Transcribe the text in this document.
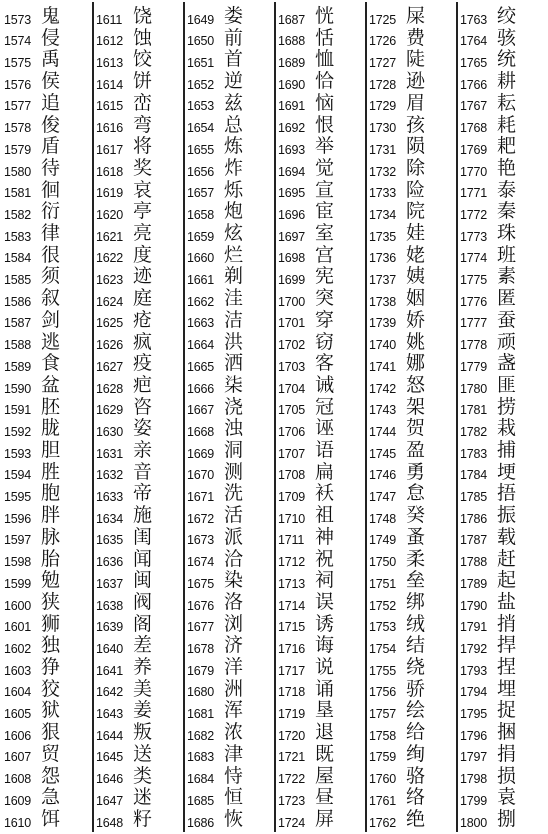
1573 鬼
1574 侵
1575 禹
1576 侯
1577 追
1578 俊
1579 盾
1580 待
1581 徊
1582 衍
1583 律
1584 很
1585 须
1586 叙
1587 剑
1588 逃
1589 食
1590 盆
1591 胚
1592 胧
1593 胆
1594 胜
1595 胞
1596 胖
1597 脉
1598 胎
1599 勉
1600 狭
1601 狮
1602 独
1603 狰
1604 狡
1605 狱
1606 狠
1607 贸
1608 怨
1609 急
1610 饵
1611 饶
1612 蚀
1613 饺
1614 饼
1615 峦
1616 弯
1617 将
1618 奖
1619 哀
1620 亭
1621 亮
1622 度
1623 迹
1624 庭
1625 疮
1626 疯
1627 疫
1628 疤
1629 咨
1630 姿
1631 亲
1632 音
1633 帝
1634 施
1635 闺
1636 闻
1637 闽
1638 阀
1639 阁
1640 差
1641 养
1642 美
1643 姜
1644 叛
1645 送
1646 类
1647 迷
1648 籽
1649 娄
1650 前
1651 首
1652 逆
1653 兹
1654 总
1655 炼
1656 炸
1657 烁
1658 炮
1659 炫
1660 烂
1661 剃
1662 洼
1663 洁
1664 洪
1665 洒
1666 柒
1667 浇
1668 浊
1669 洞
1670 测
1671 洗
1672 活
1673 派
1674 洽
1675 染
1676 洛
1677 浏
1678 济
1679 洋
1680 洲
1681 浑
1682 浓
1683 津
1684 恃
1685 恒
1686 恢
1687 恍
1688 恬
1689 恤
1690 恰
1691 恼
1692 恨
1693 举
1694 觉
1695 宣
1696 宦
1697 室
1698 宫
1699 宪
1700 突
1701 穿
1702 窃
1703 客
1704 诫
1705 冠
1706 诬
1707 语
1708 扁
1709 袄
1710 祖
1711 神
1712 祝
1713 祠
1714 误
1715 诱
1716 诲
1717 说
1718 诵
1719 垦
1720 退
1721 既
1722 屋
1723 昼
1724 屏
1725 屎
1726 费
1727 陡
1728 逊
1729 眉
1730 孩
1731 陨
1732 除
1733 险
1734 院
1735 娃
1736 姥
1737 姨
1738 姻
1739 娇
1740 姚
1741 娜
1742 怒
1743 架
1744 贺
1745 盈
1746 勇
1747 怠
1748 癸
1749 蚤
1750 柔
1751 垒
1752 绑
1753 绒
1754 结
1755 绕
1756 骄
1757 绘
1758 给
1759 绚
1760 骆
1761 络
1762 绝
1763 绞
1764 骇
1765 统
1766 耕
1767 耘
1768 耗
1769 耙
1770 艳
1771 泰
1772 秦
1773 珠
1774 班
1775 素
1776 匿
1777 蚕
1778 顽
1779 盏
1780 匪
1781 捞
1782 栽
1783 捕
1784 埂
1785 捂
1786 振
1787 载
1788 赶
1789 起
1790 盐
1791 捎
1792 捍
1793 捏
1794 埋
1795 捉
1796 捆
1797 捐
1798 损
1799 袁
1800 捌
